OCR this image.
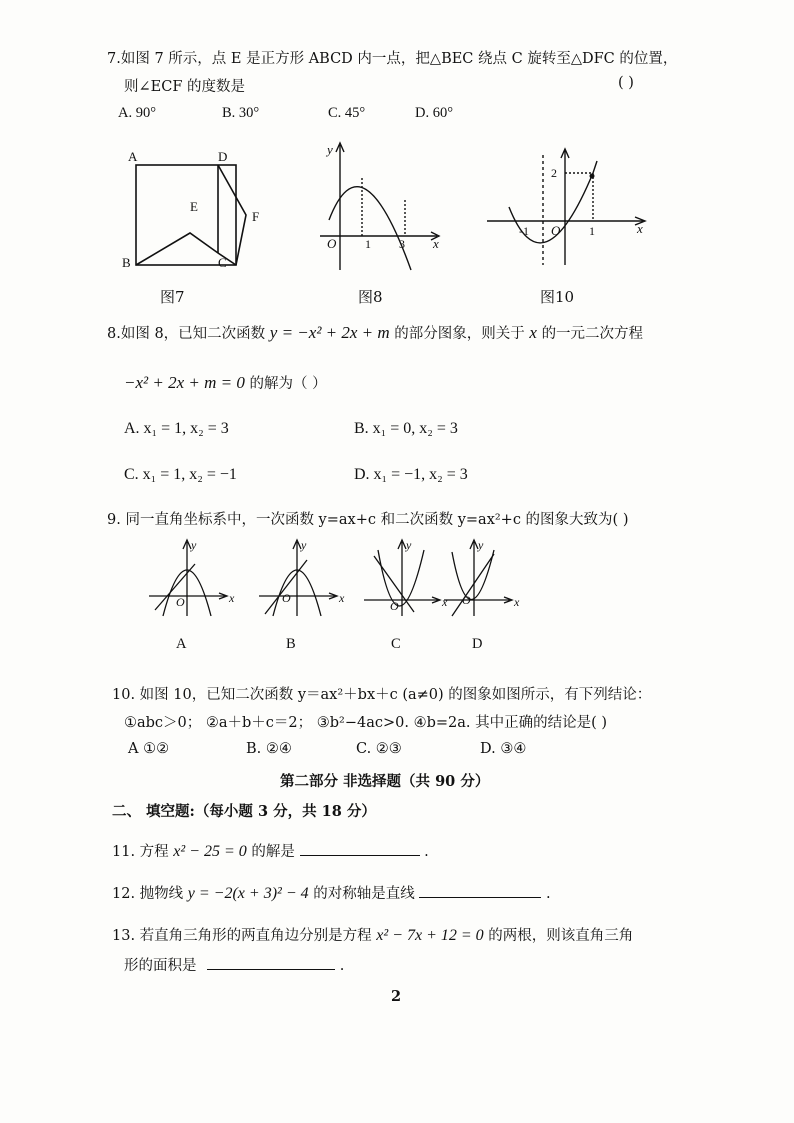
7.如图 7 所示，点 E 是正方形 ABCD 内一点，把△BEC 绕点 C 旋转至△DFC 的位置，
则∠ECF 的度数是	( )
A. 90°	B. 30°	C. 45°	D. 60°
A	D
E
F
B	C
图7
y
O 1 3 x
图8
2
-1 O 1	x
图10
8.如图 8，已知二次函数 y = −x² + 2x + m 的部分图象，则关于 x 的一元二次方程
−x² + 2x + m = 0 的解为（ ）
A. x₁ = 1, x₂ = 3	B. x₁ = 0, x₂ = 3
C. x₁ = 1, x₂ = −1	D. x₁ = −1, x₂ = 3
9. 同一直角坐标系中，一次函数 y=ax+c 和二次函数 y=ax²+c 的图象大致为( )
y
O	x
A
y
O	x
B
y
O	x
C
y
O	x
D
10. 如图 10，已知二次函数 y＝ax²＋bx＋c (a≠0) 的图象如图所示，有下列结论：
①abc＞0； ②a＋b＋c＝2； ③b²−4ac>0. ④b=2a. 其中正确的结论是( )
A ①②	B. ②④	C. ②③	D. ③④
第二部分 非选择题（共 90 分）
二、 填空题:（每小题 3 分，共 18 分）
11. 方程 x² − 25 = 0 的解是	.
12. 抛物线 y = −2(x + 3)² − 4 的对称轴是直线	.
13. 若直角三角形的两直角边分别是方程 x² − 7x + 12 = 0 的两根，则该直角三角
形的面积是	.
2
